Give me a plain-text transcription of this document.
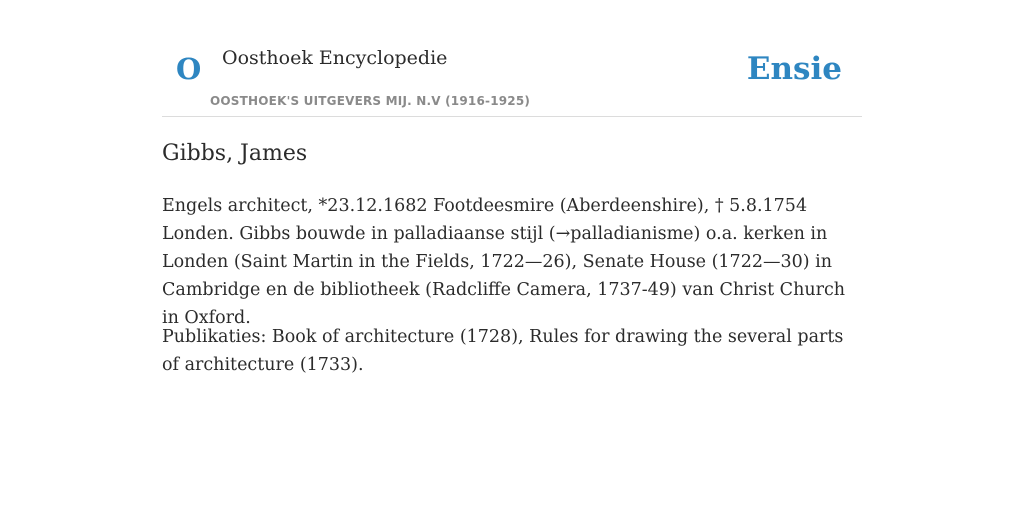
O Oosthoek Encyclopedie
OOSTHOEK'S UITGEVERS MIJ. N.V (1916-1925)
Ensie
Gibbs, James

Engels architect, *23.12.1682 Footdeesmire (Aberdeenshire), † 5.8.1754 Londen. Gibbs bouwde in palladiaanse stijl (→palladianisme) o.a. kerken in Londen (Saint Martin in the Fields, 1722—26), Senate House (1722—30) in Cambridge en de bibliotheek (Radcliffe Camera, 1737-49) van Christ Church in Oxford.

Publikaties: Book of architecture (1728), Rules for drawing the several parts of architecture (1733).
